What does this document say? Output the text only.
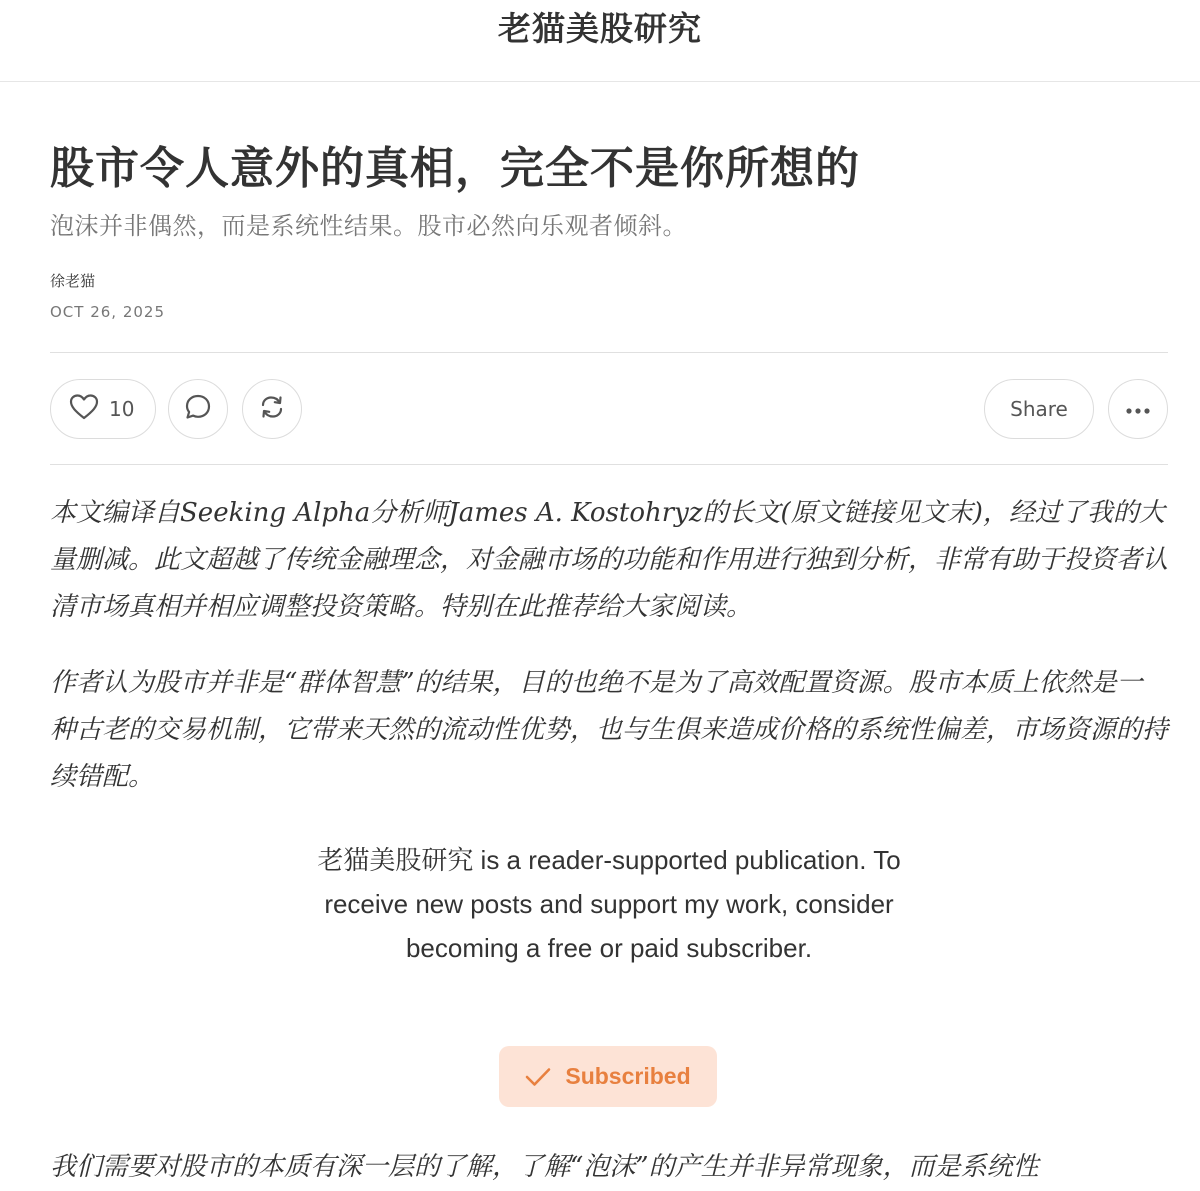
老猫美股研究
股市令人意外的真相，完全不是你所想的
泡沫并非偶然，而是系统性结果。股市必然向乐观者倾斜。
徐老猫
OCT 26, 2025
10	Share

本文编译自Seeking Alpha分析师James A. Kostohryz的长文(原文链接见文末)，经过了我的大量删减。此文超越了传统金融理念，对金融市场的功能和作用进行独到分析，非常有助于投资者认清市场真相并相应调整投资策略。特别在此推荐给大家阅读。

作者认为股市并非是“群体智慧”的结果，目的也绝不是为了高效配置资源。股市本质上依然是一种古老的交易机制，它带来天然的流动性优势，也与生俱来造成价格的系统性偏差，市场资源的持续错配。

老猫美股研究 is a reader-supported publication. To receive new posts and support my work, consider becoming a free or paid subscriber.
Subscribed

我们需要对股市的本质有深一层的了解，了解“泡沫”的产生并非异常现象，而是系统性
